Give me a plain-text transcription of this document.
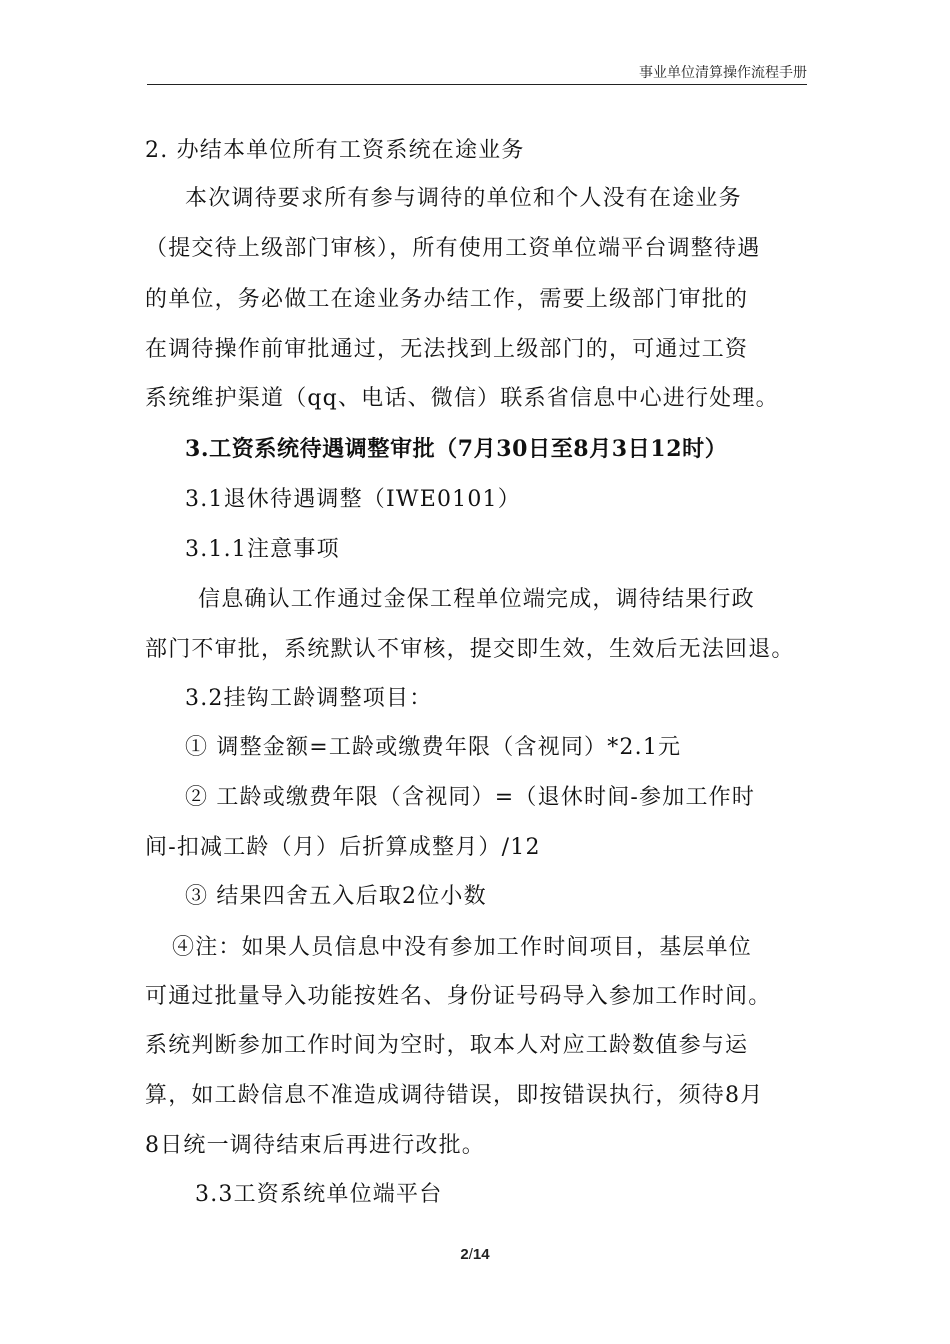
事业单位清算操作流程手册
2. 办结本单位所有工资系统在途业务
本次调待要求所有参与调待的单位和个人没有在途业务
（提交待上级部门审核），所有使用工资单位端平台调整待遇
的单位，务必做工在途业务办结工作，需要上级部门审批的
在调待操作前审批通过，无法找到上级部门的，可通过工资
系统维护渠道（qq、电话、微信）联系省信息中心进行处理。
3.工资系统待遇调整审批（7月30日至8月3日12时）
3.1退休待遇调整（IWE0101）
3.1.1注意事项
信息确认工作通过金保工程单位端完成，调待结果行政
部门不审批，系统默认不审核，提交即生效，生效后无法回退。
3.2挂钩工龄调整项目：
① 调整金额=工龄或缴费年限（含视同）*2.1元
② 工龄或缴费年限（含视同）=（退休时间-参加工作时
间-扣减工龄（月）后折算成整月）/12
③ 结果四舍五入后取2位小数
④注：如果人员信息中没有参加工作时间项目，基层单位
可通过批量导入功能按姓名、身份证号码导入参加工作时间。
系统判断参加工作时间为空时，取本人对应工龄数值参与运
算，如工龄信息不准造成调待错误，即按错误执行，须待8月
8日统一调待结束后再进行改批。
3.3工资系统单位端平台
2/14
